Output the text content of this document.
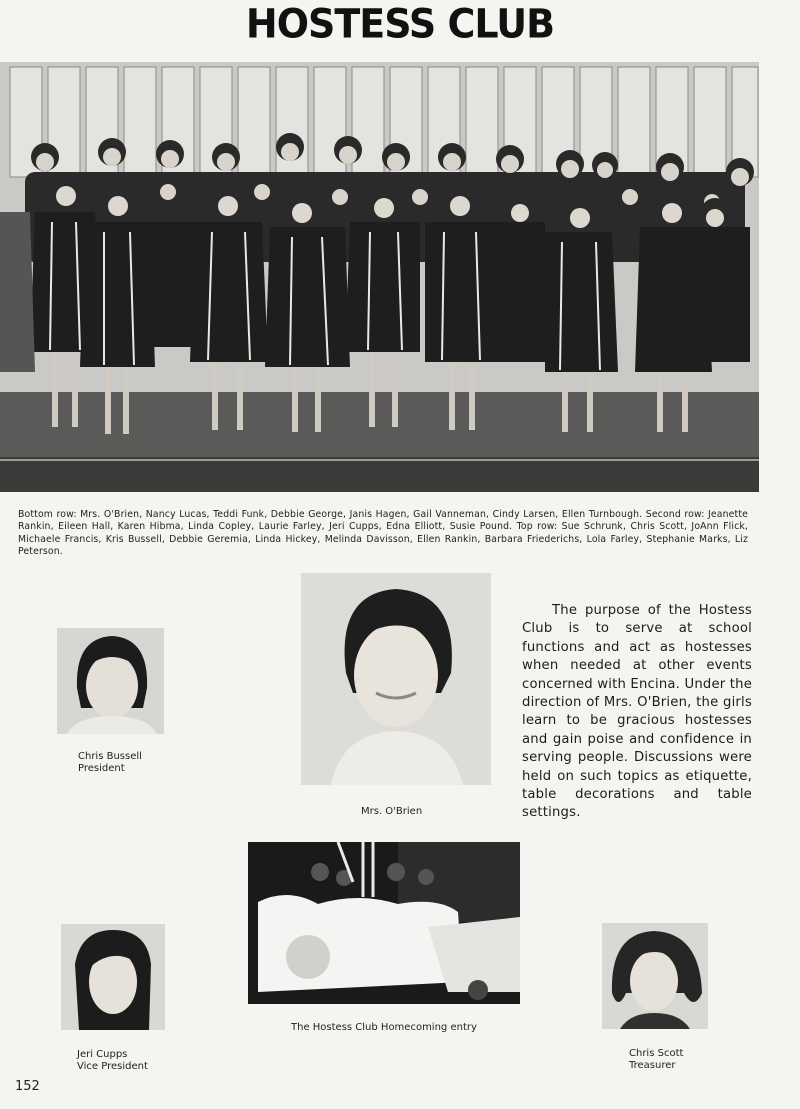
HOSTESS CLUB
Bottom row: Mrs. O'Brien, Nancy Lucas, Teddi Funk, Debbie George, Janis Hagen, Gail Vanneman, Cindy Larsen, Ellen Turnbough. Second row: Jeanette Rankin, Eileen Hall, Karen Hibma, Linda Copley, Laurie Farley, Jeri Cupps, Edna Elliott, Susie Pound. Top row: Sue Schrunk, Chris Scott, JoAnn Flick, Michaele Francis, Kris Bussell, Debbie Geremia, Linda Hickey, Melinda Davisson, Ellen Rankin, Barbara Friederichs, Lola Farley, Stephanie Marks, Liz Peterson.
Chris Bussell
President
Mrs. O'Brien
The purpose of the Hostess Club is to serve at school functions and act as hostesses when needed at other events concerned with Encina. Under the direction of Mrs. O'Brien, the girls learn to be gracious hostesses and gain poise and confidence in serving people. Discussions were held on such topics as etiquette, table decorations and table settings.
The Hostess Club Homecoming entry
Jeri Cupps
Vice President
Chris Scott
Treasurer
152
